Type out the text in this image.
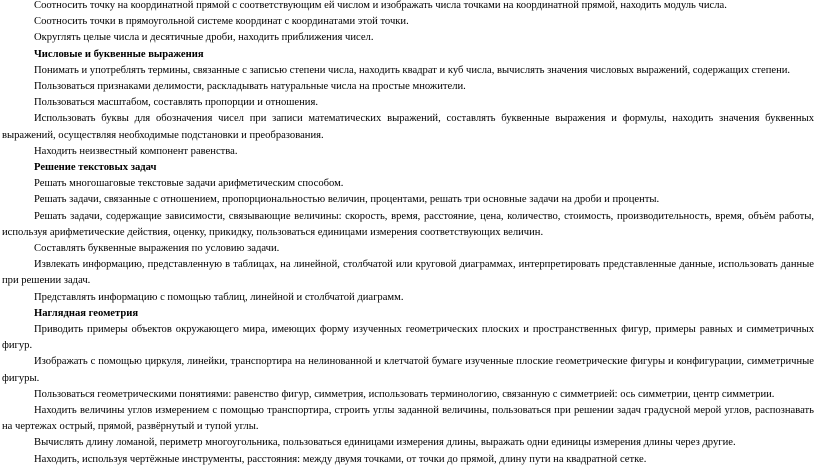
Соотносить точку на координатной прямой с соответствующим ей числом и изображать числа точками на координатной прямой, находить модуль числа.

Соотносить точки в прямоугольной системе координат с координатами этой точки.

Округлять целые числа и десятичные дроби, находить приближения чисел.

Числовые и буквенные выражения

Понимать и употреблять термины, связанные с записью степени числа, находить квадрат и куб числа, вычислять значения числовых выражений, содержащих степени.

Пользоваться признаками делимости, раскладывать натуральные числа на простые множители.

Пользоваться масштабом, составлять пропорции и отношения.

Использовать буквы для обозначения чисел при записи математических выражений, составлять буквенные выражения и формулы, находить значения буквенных выражений, осуществляя необходимые подстановки и преобразования.

Находить неизвестный компонент равенства.

Решение текстовых задач

Решать многошаговые текстовые задачи арифметическим способом.

Решать задачи, связанные с отношением, пропорциональностью величин, процентами, решать три основные задачи на дроби и проценты.

Решать задачи, содержащие зависимости, связывающие величины: скорость, время, расстояние, цена, количество, стоимость, производительность, время, объём работы, используя арифметические действия, оценку, прикидку, пользоваться единицами измерения соответствующих величин.

Составлять буквенные выражения по условию задачи.

Извлекать информацию, представленную в таблицах, на линейной, столбчатой или круговой диаграммах, интерпретировать представленные данные, использовать данные при решении задач.

Представлять информацию с помощью таблиц, линейной и столбчатой диаграмм.

Наглядная геометрия

Приводить примеры объектов окружающего мира, имеющих форму изученных геометрических плоских и пространственных фигур, примеры равных и симметричных фигур.

Изображать с помощью циркуля, линейки, транспортира на нелинованной и клетчатой бумаге изученные плоские геометрические фигуры и конфигурации, симметричные фигуры.

Пользоваться геометрическими понятиями: равенство фигур, симметрия, использовать терминологию, связанную с симметрией: ось симметрии, центр симметрии.

Находить величины углов измерением с помощью транспортира, строить углы заданной величины, пользоваться при решении задач градусной мерой углов, распознавать на чертежах острый, прямой, развёрнутый и тупой углы.

Вычислять длину ломаной, периметр многоугольника, пользоваться единицами измерения длины, выражать одни единицы измерения длины через другие.

Находить, используя чертёжные инструменты, расстояния: между двумя точками, от точки до прямой, длину пути на квадратной сетке.
